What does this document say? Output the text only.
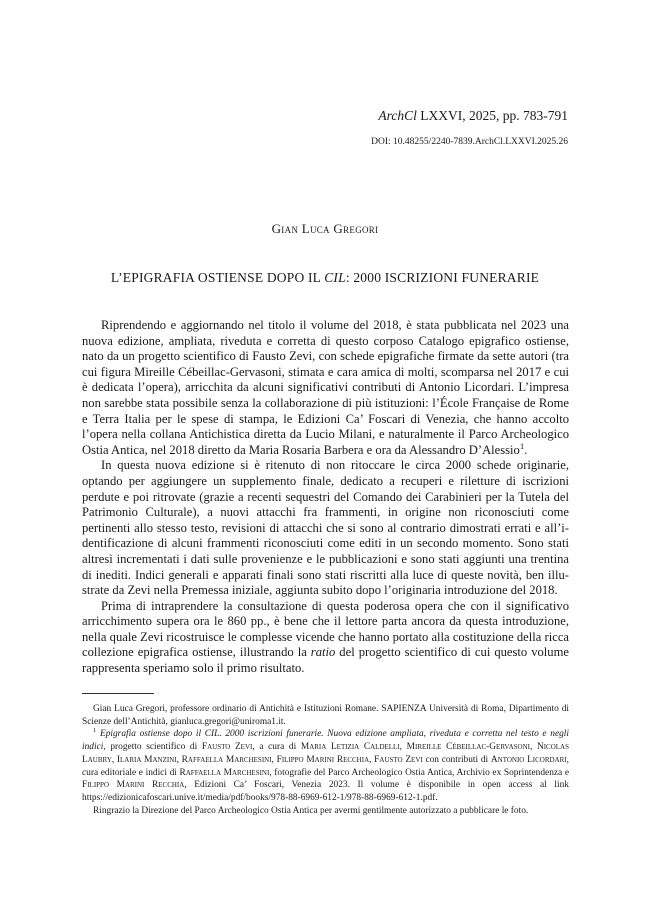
ArchCl LXXVI, 2025, pp. 783-791
DOI: 10.48255/2240-7839.ArchCl.LXXVI.2025.26
Gian Luca Gregori
L’EPIGRAFIA OSTIENSE DOPO IL CIL: 2000 ISCRIZIONI FUNERARIE

Riprendendo e aggiornando nel titolo il volume del 2018, è stata pubblicata nel 2023 una nuova edizione, ampliata, riveduta e corretta di questo corposo Catalogo epigrafico ostiense, nato da un progetto scientifico di Fausto Zevi, con schede epigrafiche firmate da sette autori (tra cui figura Mireille Cébeillac-Gervasoni, stimata e cara amica di molti, scomparsa nel 2017 e cui è dedicata l’opera), arricchita da alcuni significativi contributi di Antonio Licordari. L’impresa non sarebbe stata possibile senza la collaborazione di più istituzioni: l’École Française de Rome e Terra Italia per le spese di stampa, le Edizioni Ca’ Foscari di Venezia, che hanno accolto l’opera nella collana Antichistica diretta da Lucio Milani, e naturalmente il Parco Archeologico Ostia Antica, nel 2018 diretto da Maria Rosaria Barbera e ora da Alessandro D’Alessio$^1$.

In questa nuova edizione si è ritenuto di non ritoccare le circa 2000 schede originarie, optando per aggiungere un supplemento finale, dedicato a recuperi e riletture di iscrizioni perdute e poi ritrovate (grazie a recenti sequestri del Comando dei Carabinieri per la Tutela del Patrimonio Culturale), a nuovi attacchi fra frammenti, in origine non riconosciuti come pertinenti allo stesso testo, revisioni di attacchi che si sono al contrario dimostrati errati e all’identificazione di alcuni frammenti riconosciuti come editi in un secondo momento. Sono stati altresì incrementati i dati sulle provenienze e le pubblicazioni e sono stati aggiunti una trentina di inediti. Indici generali e apparati finali sono stati riscritti alla luce di queste novità, ben illustrate da Zevi nella Premessa iniziale, aggiunta subito dopo l’originaria introduzione del 2018.

Prima di intraprendere la consultazione di questa poderosa opera che con il significativo arricchimento supera ora le 860 pp., è bene che il lettore parta ancora da questa introduzione, nella quale Zevi ricostruisce le complesse vicende che hanno portato alla costituzione della ricca collezione epigrafica ostiense, illustrando la ratio del progetto scientifico di cui questo volume rappresenta speriamo solo il primo risultato.

Gian Luca Gregori, professore ordinario di Antichità e Istituzioni Romane. SAPIENZA Università di Roma, Dipartimento di Scienze dell’Antichità, gianluca.gregori@uniroma1.it.

$^1$ Epigrafia ostiense dopo il CIL. 2000 iscrizioni funerarie. Nuova edizione ampliata, riveduta e corretta nel testo e negli indici, progetto scientifico di Fausto Zevi, a cura di Maria Letizia Caldelli, Mireille Cébeillac-Gervasoni, Nicolas Laubry, Ilaria Manzini, Raffaella Marchesini, Filippo Marini Recchia, Fausto Zevi con contributi di Antonio Licordari, cura editoriale e indici di Raffaella Marchesini, fotografie del Parco Archeologico Ostia Antica, Archivio ex Soprintendenza e Filippo Marini Recchia, Edizioni Ca’ Foscari, Venezia 2023. Il volume è disponibile in open access al link https://edizionicafoscari.unive.it/media/pdf/books/978-88-6969-612-1/978-88-6969-612-1.pdf.

Ringrazio la Direzione del Parco Archeologico Ostia Antica per avermi gentilmente autorizzato a pubblicare le foto.
